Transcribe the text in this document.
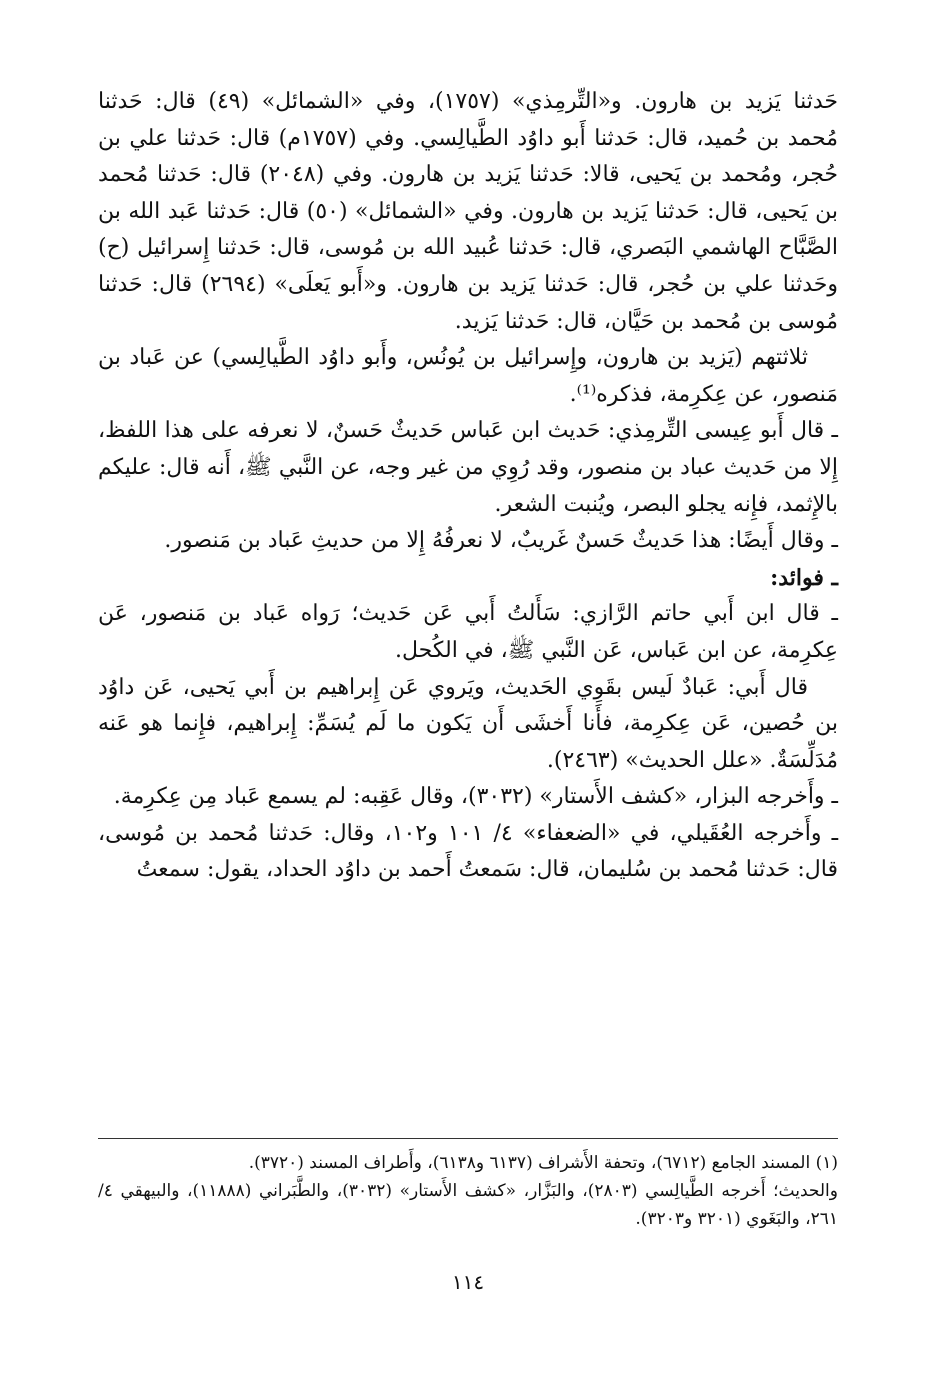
حَدثنا يَزيد بن هارون. و«التِّرمِذي» (١٧٥٧)، وفي «الشمائل» (٤٩) قال: حَدثنا مُحمد بن حُميد، قال: حَدثنا أَبو داوُد الطَّيالِسي. وفي (١٧٥٧م) قال: حَدثنا علي بن حُجر، ومُحمد بن يَحيى، قالا: حَدثنا يَزيد بن هارون. وفي (٢٠٤٨) قال: حَدثنا مُحمد بن يَحيى، قال: حَدثنا يَزيد بن هارون. وفي «الشمائل» (٥٠) قال: حَدثنا عَبد الله بن الصَّبَّاح الهاشمي البَصري، قال: حَدثنا عُبيد الله بن مُوسى، قال: حَدثنا إِسرائيل (ح) وحَدثنا علي بن حُجر، قال: حَدثنا يَزيد بن هارون. و«أَبو يَعلَى» (٢٦٩٤) قال: حَدثنا مُوسى بن مُحمد بن حَيَّان، قال: حَدثنا يَزيد.

ثلاثتهم (يَزيد بن هارون، وإِسرائيل بن يُونُس، وأَبو داوُد الطَّيالِسي) عن عَباد بن مَنصور، عن عِكرِمة، فذكره⁽¹⁾.

ـ قال أَبو عِيسى التِّرمِذي: حَديث ابن عَباس حَديثٌ حَسنٌ، لا نعرفه على هذا اللفظ، إِلا من حَديث عباد بن منصور، وقد رُوِي من غير وجه، عن النَّبي ﷺ، أَنه قال: عليكم بالإِثمد، فإِنه يجلو البصر، ويُنبت الشعر.

ـ وقال أَيضًا: هذا حَديثٌ حَسنٌ غَريبٌ، لا نعرفُهُ إِلا من حديثِ عَباد بن مَنصور.

ـ فوائد:

ـ قال ابن أَبي حاتم الرَّازي: سَأَلتُ أَبي عَن حَديث؛ رَواه عَباد بن مَنصور، عَن عِكرِمة، عن ابن عَباس، عَن النَّبي ﷺ، في الكُحل.

قال أَبي: عَبادٌ لَيس بقَوِي الحَديث، ويَروي عَن إِبراهيم بن أَبي يَحيى، عَن داوُد بن حُصين، عَن عِكرِمة، فأَنا أَخشَى أَن يَكون ما لَم يُسَمِّ: إِبراهيم، فإِنما هو عَنه مُدَلِّسَةٌ. «علل الحديث» (٢٤٦٣).

ـ وأَخرجه البزار، «كشف الأَستار» (٣٠٣٢)، وقال عَقِبه: لم يسمع عَباد مِن عِكرِمة.

ـ وأَخرجه العُقَيلي، في «الضعفاء» ٤/ ١٠١ و١٠٢، وقال: حَدثنا مُحمد بن مُوسى، قال: حَدثنا مُحمد بن سُليمان، قال: سَمعتُ أَحمد بن داوُد الحداد، يقول: سمعتُ

(١) المسند الجامع (٦٧١٢)، وتحفة الأَشراف (٦١٣٧ و٦١٣٨)، وأَطراف المسند (٣٧٢٠).

والحديث؛ أَخرجه الطَّيالِسي (٢٨٠٣)، والبَزَّار، «كشف الأَستار» (٣٠٣٢)، والطَّبَراني (١١٨٨٨)، والبيهقي ٤/ ٢٦١، والبَغَوي (٣٢٠١ و٣٢٠٣).

١١٤
